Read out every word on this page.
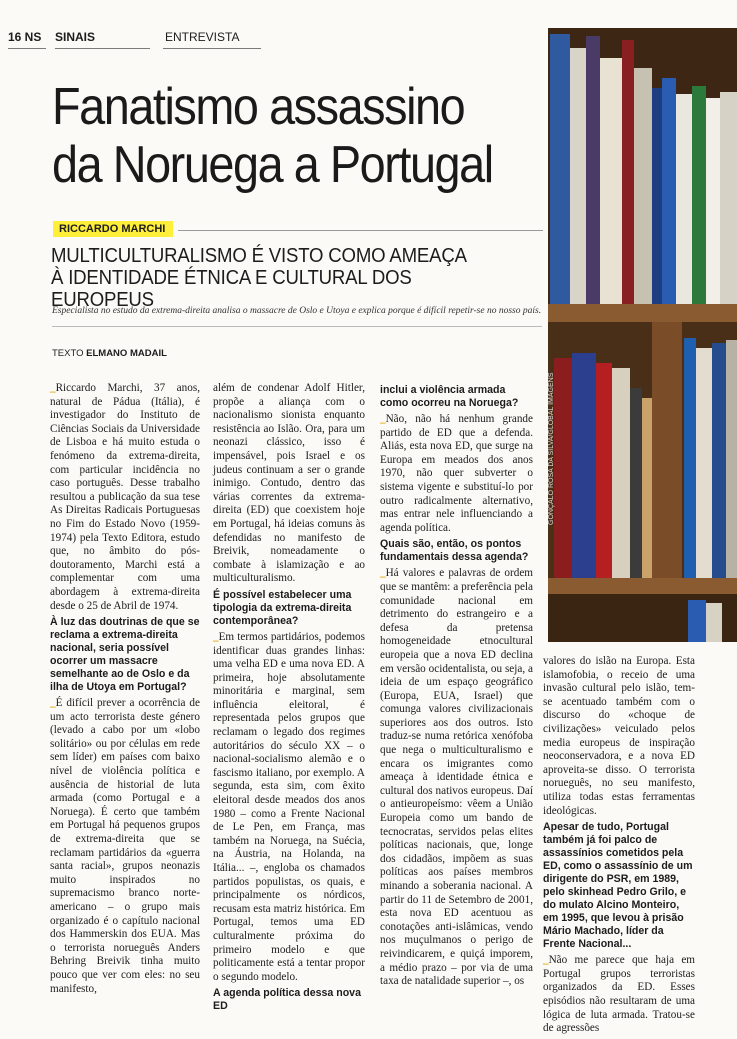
16 NS SINAIS	ENTREVISTA
Fanatismo assassino
da Noruega a Portugal
RICCARDO MARCHI
MULTICULTURALISMO É VISTO COMO AMEAÇA
À IDENTIDADE ÉTNICA E CULTURAL DOS EUROPEUS
Especialista no estudo da extrema-direita analisa o massacre de Oslo e Utoya e explica porque é difícil repetir-se no nosso país.
TEXTO ELMANO MADAIL
GONÇALO ROSA DA SILVA/GLOBAL IMAGENS

_Riccardo Marchi, 37 anos, natural de Pádua (Itália), é investigador do Instituto de Ciências Sociais da Universidade de Lisboa e há muito estuda o fenómeno da extrema-direita, com particular incidência no caso português. Desse trabalho resultou a publicação da sua tese As Direitas Radicais Portuguesas no Fim do Estado Novo (1959-1974) pela Texto Editora, estudo que, no âmbito do pós-doutoramento, Marchi está a complementar com uma abordagem à extrema-direita desde o 25 de Abril de 1974.

À luz das doutrinas de que se reclama a extrema-direita nacional, seria possível ocorrer um massacre semelhante ao de Oslo e da ilha de Utoya em Portugal?

_É difícil prever a ocorrência de um acto terrorista deste género (levado a cabo por um «lobo solitário» ou por células em rede sem líder) em países com baixo nível de violência política e ausência de historial de luta armada (como Portugal e a Noruega). É certo que também em Portugal há pequenos grupos de extrema-direita que se reclamam partidários da «guerra santa racial», grupos neonazis muito inspirados no supremacismo branco norte-americano – o grupo mais organizado é o capítulo nacional dos Hammerskin dos EUA. Mas o terrorista norueguês Anders Behring Breivik tinha muito pouco que ver com eles: no seu manifesto,

além de condenar Adolf Hitler, propõe a aliança com o nacionalismo sionista enquanto resistência ao Islão. Ora, para um neonazi clássico, isso é impensável, pois Israel e os judeus continuam a ser o grande inimigo. Contudo, dentro das várias correntes da extrema-direita (ED) que coexistem hoje em Portugal, há ideias comuns às defendidas no manifesto de Breivik, nomeadamente o combate à islamização e ao multiculturalismo.

É possível estabelecer uma tipologia da extrema-direita contemporânea?

_Em termos partidários, podemos identificar duas grandes linhas: uma velha ED e uma nova ED. A primeira, hoje absolutamente minoritária e marginal, sem influência eleitoral, é representada pelos grupos que reclamam o legado dos regimes autoritários do século XX – o nacional-socialismo alemão e o fascismo italiano, por exemplo. A segunda, esta sim, com êxito eleitoral desde meados dos anos 1980 – como a Frente Nacional de Le Pen, em França, mas também na Noruega, na Suécia, na Áustria, na Holanda, na Itália... –, engloba os chamados partidos populistas, os quais, e principalmente os nórdicos, recusam esta matriz histórica. Em Portugal, temos uma ED culturalmente próxima do primeiro modelo e que politicamente está a tentar propor o segundo modelo.

A agenda política dessa nova ED

inclui a violência armada como ocorreu na Noruega?

_Não, não há nenhum grande partido de ED que a defenda. Aliás, esta nova ED, que surge na Europa em meados dos anos 1970, não quer subverter o sistema vigente e substituí-lo por outro radicalmente alternativo, mas entrar nele influenciando a agenda política.

Quais são, então, os pontos fundamentais dessa agenda?

_Há valores e palavras de ordem que se mantêm: a preferência pela comunidade nacional em detrimento do estrangeiro e a defesa da pretensa homogeneidade etnocultural europeia que a nova ED declina em versão ocidentalista, ou seja, a ideia de um espaço geográfico (Europa, EUA, Israel) que comunga valores civilizacionais superiores aos dos outros. Isto traduz-se numa retórica xenófoba que nega o multiculturalismo e encara os imigrantes como ameaça à identidade étnica e cultural dos nativos europeus. Daí o antieuropeísmo: vêem a União Europeia como um bando de tecnocratas, servidos pelas elites políticas nacionais, que, longe dos cidadãos, impõem as suas políticas aos países membros minando a soberania nacional. A partir do 11 de Setembro de 2001, esta nova ED acentuou as conotações anti-islâmicas, vendo nos muçulmanos o perigo de reivindicarem, e quiçá imporem, a médio prazo – por via de uma taxa de natalidade superior –, os

valores do islão na Europa. Esta islamofobia, o receio de uma invasão cultural pelo islão, tem-se acentuado também com o discurso do «choque de civilizações» veiculado pelos media europeus de inspiração neoconservadora, e a nova ED aproveita-se disso. O terrorista norueguês, no seu manifesto, utiliza todas estas ferramentas ideológicas.

Apesar de tudo, Portugal também já foi palco de assassínios cometidos pela ED, como o assassínio de um dirigente do PSR, em 1989, pelo skinhead Pedro Grilo, e do mulato Alcino Monteiro, em 1995, que levou à prisão Mário Machado, líder da Frente Nacional...

_Não me parece que haja em Portugal grupos terroristas organizados da ED. Esses episódios não resultaram de uma lógica de luta armada. Tratou-se de agressões
